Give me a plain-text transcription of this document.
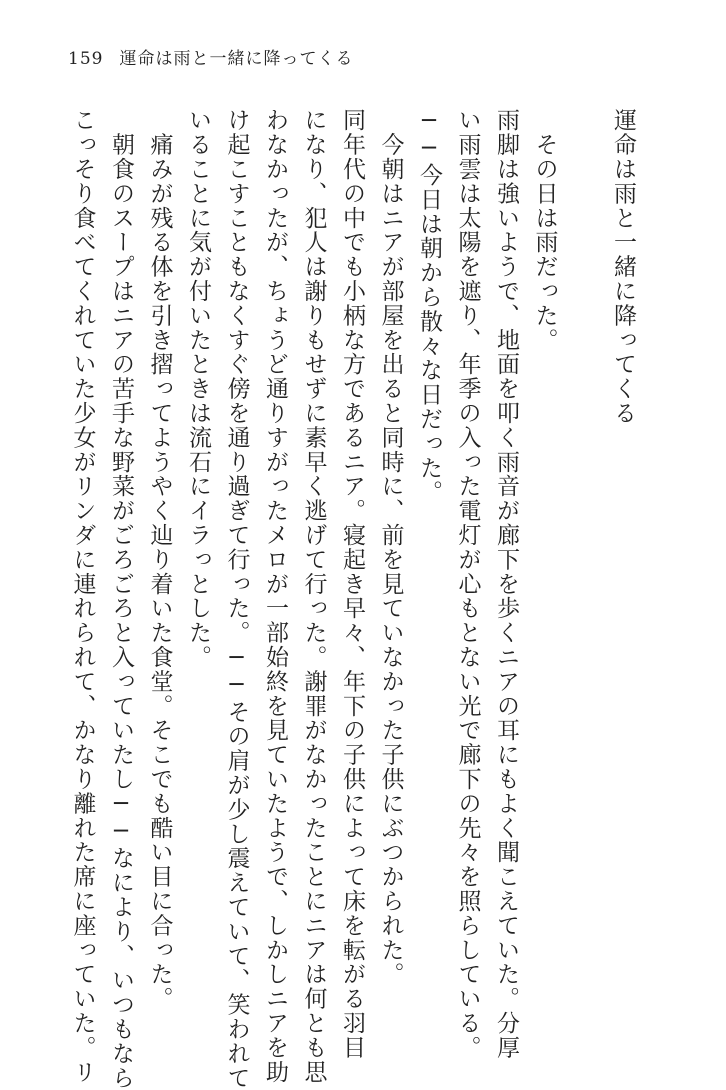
159 運命は雨と一緒に降ってくる
運命は雨と一緒に降ってくる
　その日は雨だった。
雨脚は強いようで、地面を叩く雨音が廊下を歩くニアの耳にもよく聞こえていた。分厚
い雨雲は太陽を遮り、年季の入った電灯が心もとない光で廊下の先々を照らしている。
──今日は朝から散々な日だった。
　今朝はニアが部屋を出ると同時に、前を見ていなかった子供にぶつかられた。
同年代の中でも小柄な方であるニア。寝起き早々、年下の子供によって床を転がる羽目
になり、犯人は謝りもせずに素早く逃げて行った。謝罪がなかったことにニアは何とも思
わなかったが、ちょうど通りすがったメロが一部始終を見ていたようで、しかしニアを助
け起こすこともなくすぐ傍を通り過ぎて行った。──その肩が少し震えていて、笑われて
いることに気が付いたときは流石にイラっとした。
　痛みが残る体を引き摺ってようやく辿り着いた食堂。そこでも酷い目に合った。
　朝食のスープはニアの苦手な野菜がごろごろと入っていたし──なにより、いつもなら
こっそり食べてくれていた少女がリンダに連れられて、かなり離れた席に座っていた。リ
